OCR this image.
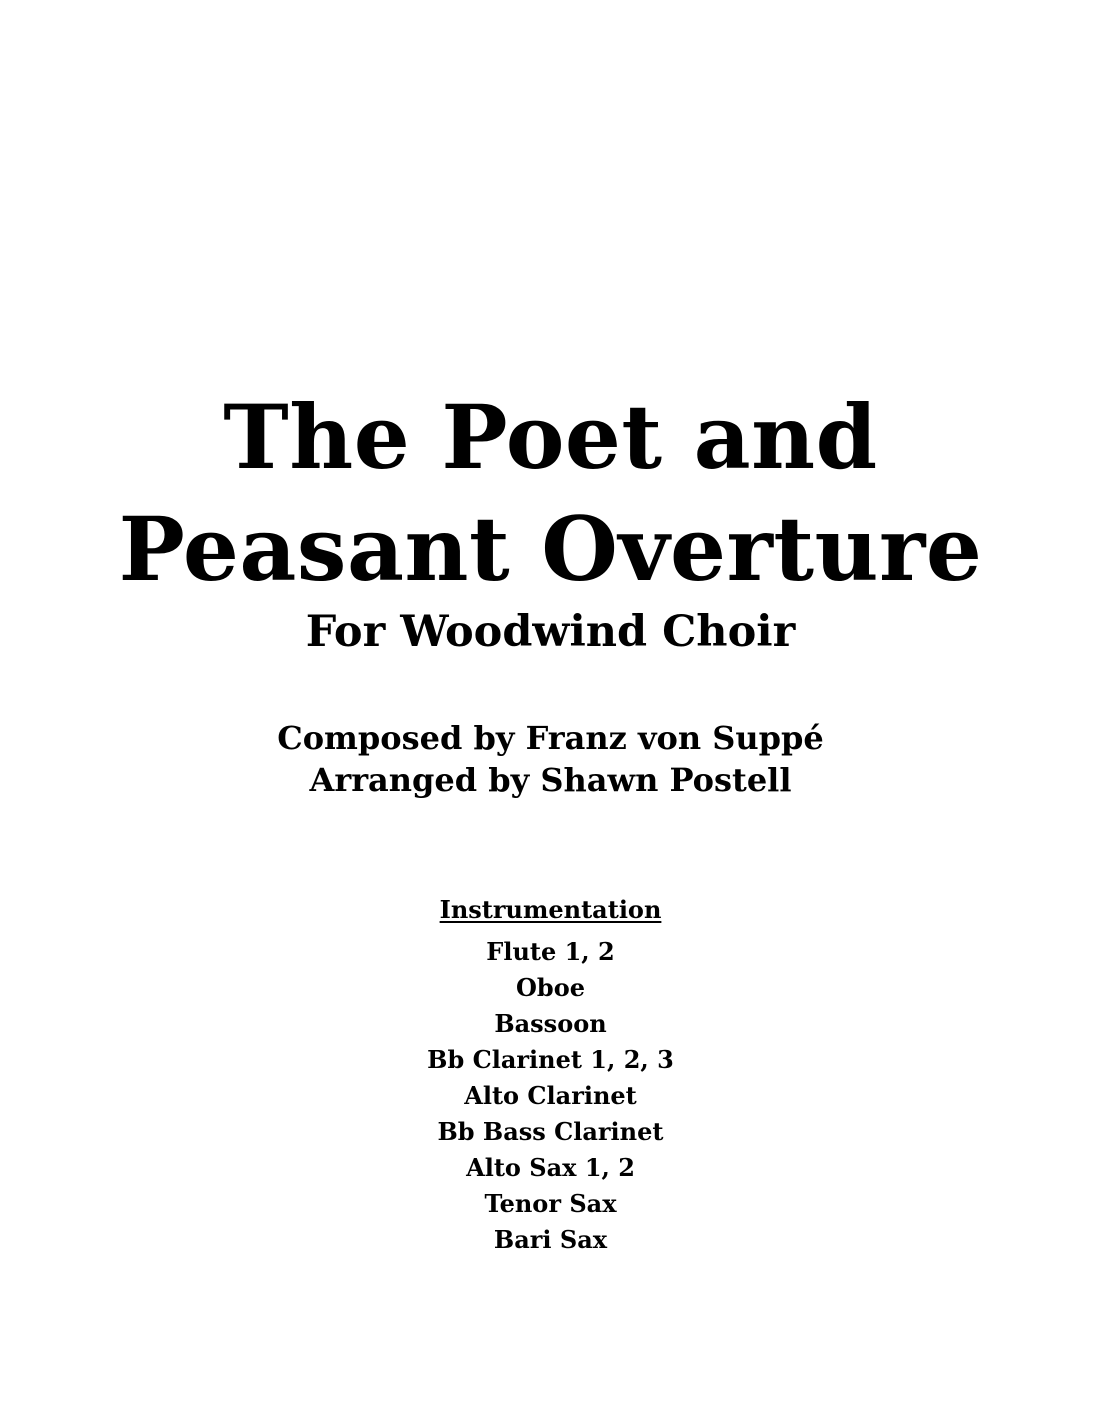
The Poet and
Peasant Overture
For Woodwind Choir
Composed by Franz von Suppé
Arranged by Shawn Postell
Instrumentation
Flute 1, 2
Oboe
Bassoon
Bb Clarinet 1, 2, 3
Alto Clarinet
Bb Bass Clarinet
Alto Sax 1, 2
Tenor Sax
Bari Sax
